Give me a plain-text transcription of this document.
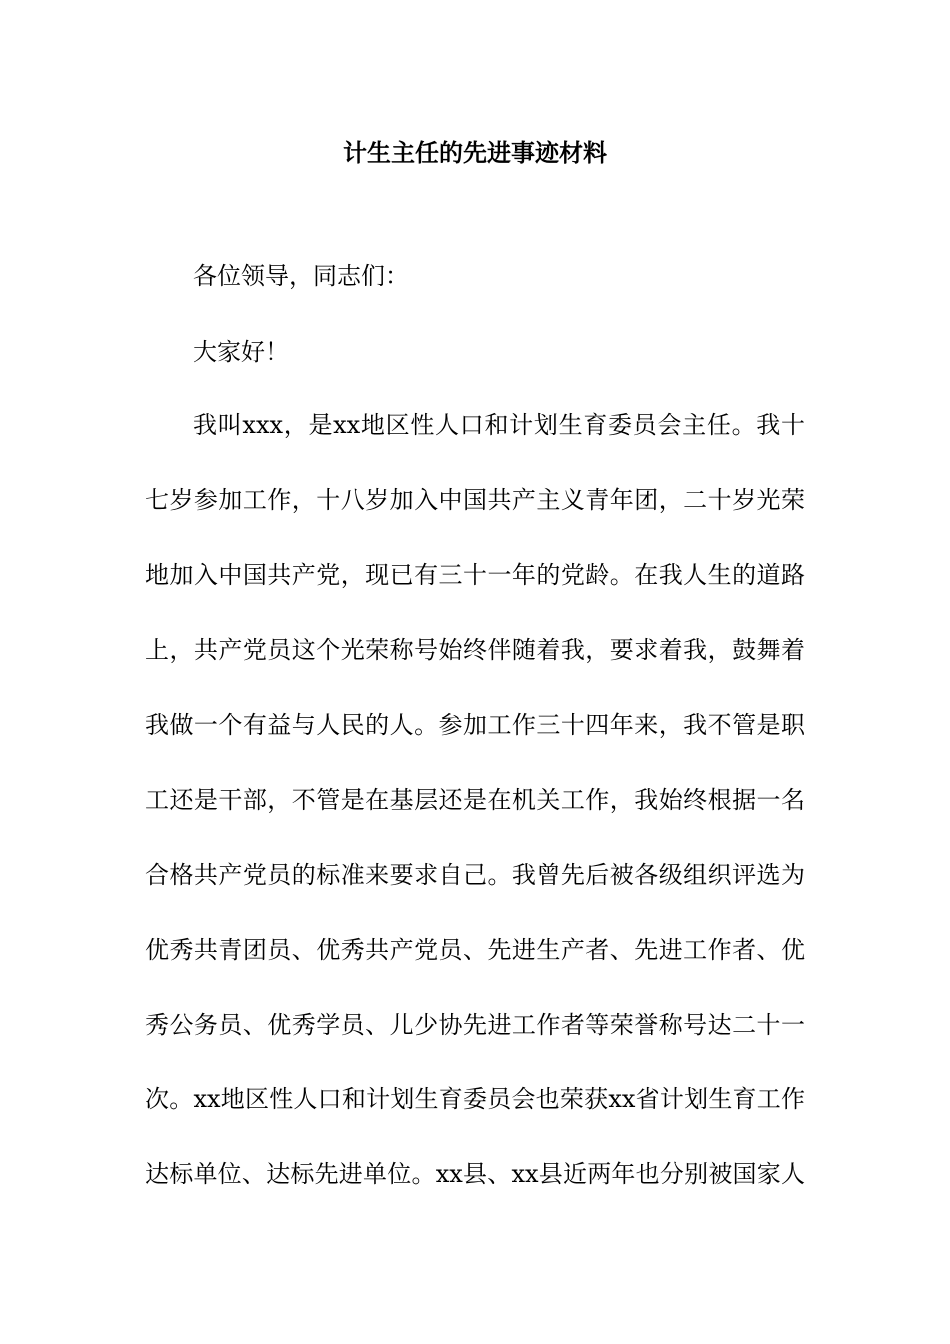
计生主任的先进事迹材料

各位领导，同志们：

大家好！

我叫xxx，是xx地区性人口和计划生育委员会主任。我十

七岁参加工作，十八岁加入中国共产主义青年团，二十岁光荣

地加入中国共产党，现已有三十一年的党龄。在我人生的道路

上，共产党员这个光荣称号始终伴随着我，要求着我，鼓舞着

我做一个有益与人民的人。参加工作三十四年来，我不管是职

工还是干部，不管是在基层还是在机关工作，我始终根据一名

合格共产党员的标准来要求自己。我曾先后被各级组织评选为

优秀共青团员、优秀共产党员、先进生产者、先进工作者、优

秀公务员、优秀学员、儿少协先进工作者等荣誉称号达二十一

次。xx地区性人口和计划生育委员会也荣获xx省计划生育工作

达标单位、达标先进单位。xx县、xx县近两年也分别被国家人
